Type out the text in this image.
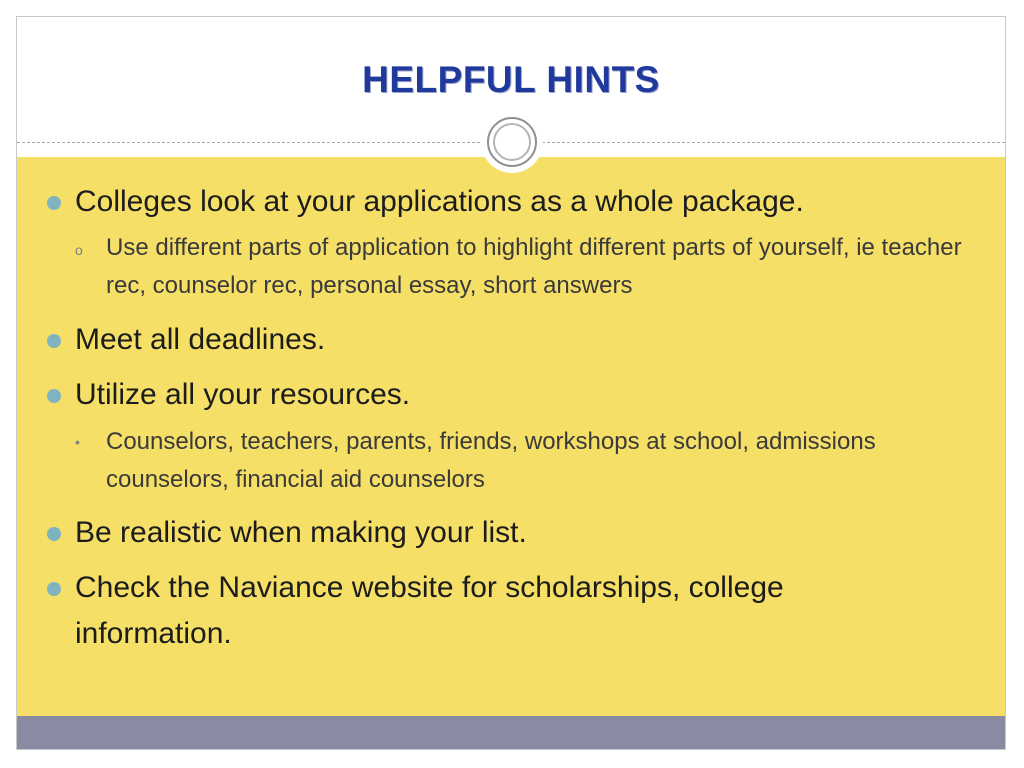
HELPFUL HINTS
Colleges look at your applications as a whole package.
o Use different parts of application to highlight different parts of yourself, ie teacher rec, counselor rec, personal essay, short answers
Meet all deadlines.
Utilize all your resources.
• Counselors, teachers, parents, friends, workshops at school, admissions counselors, financial aid counselors
Be realistic when making your list.
Check the Naviance website for scholarships, college information.
